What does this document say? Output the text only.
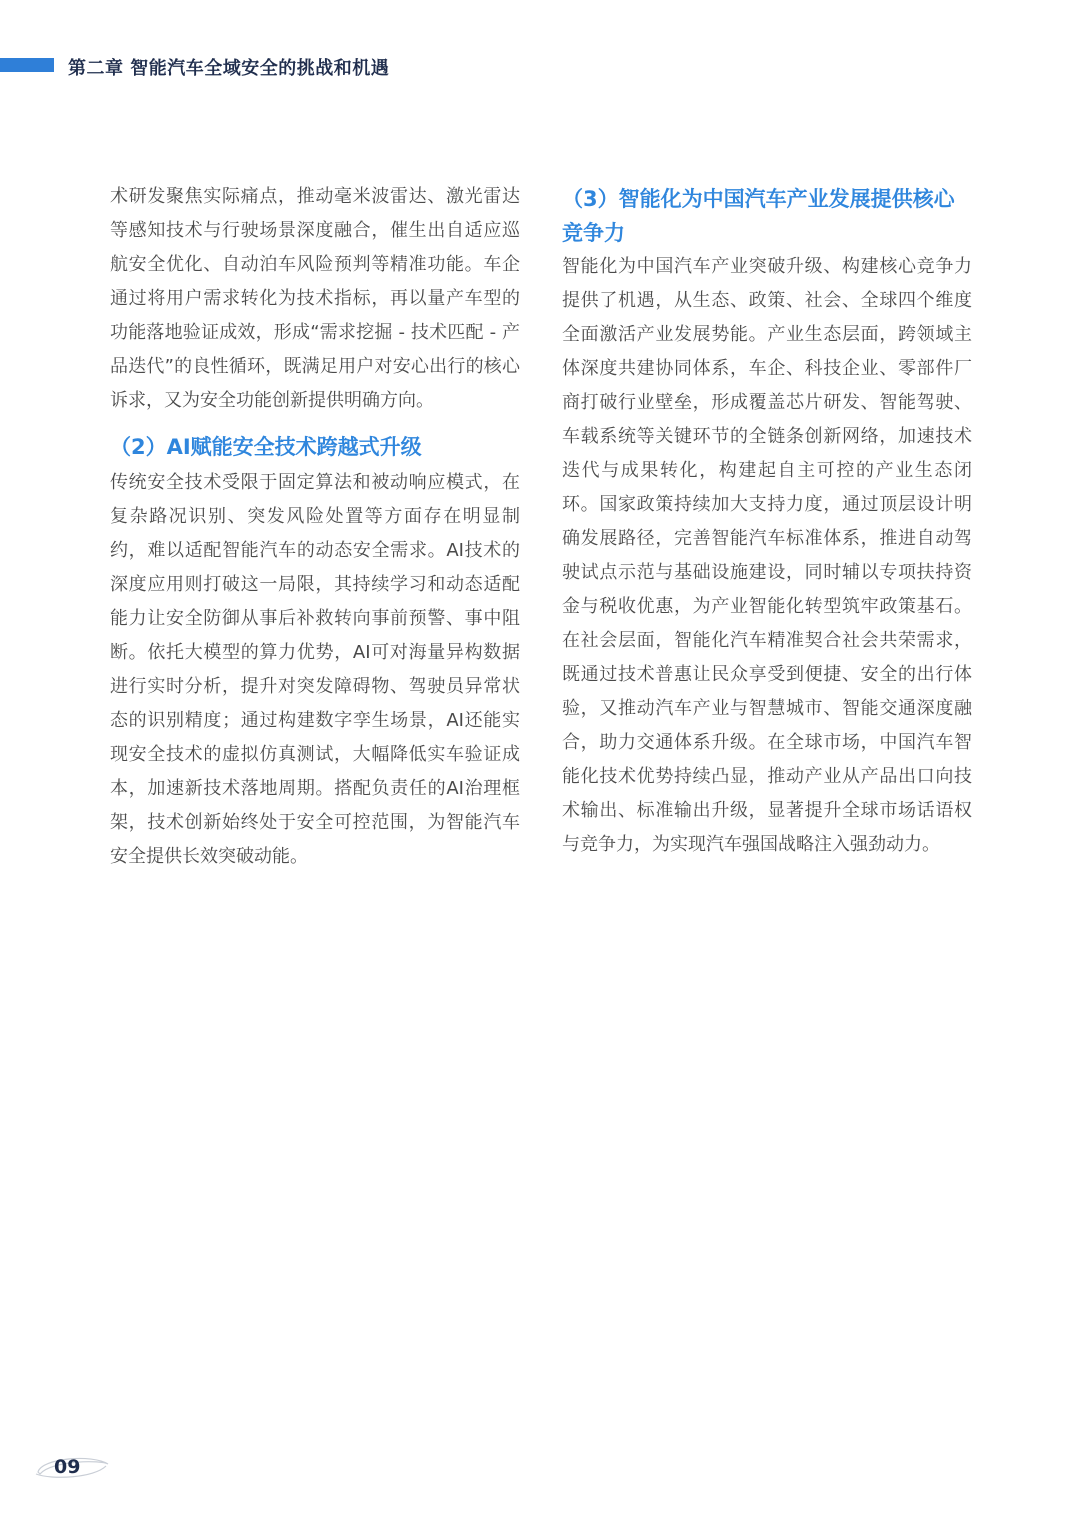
第二章 智能汽车全域安全的挑战和机遇

术研发聚焦实际痛点，推动毫米波雷达、激光雷达等感知技术与行驶场景深度融合，催生出自适应巡航安全优化、自动泊车风险预判等精准功能。车企通过将用户需求转化为技术指标，再以量产车型的功能落地验证成效，形成“需求挖掘 - 技术匹配 - 产品迭代”的良性循环，既满足用户对安心出行的核心诉求，又为安全功能创新提供明确方向。

（2）AI赋能安全技术跨越式升级

传统安全技术受限于固定算法和被动响应模式，在复杂路况识别、突发风险处置等方面存在明显制约，难以适配智能汽车的动态安全需求。AI技术的深度应用则打破这一局限，其持续学习和动态适配能力让安全防御从事后补救转向事前预警、事中阻断。依托大模型的算力优势，AI可对海量异构数据进行实时分析，提升对突发障碍物、驾驶员异常状态的识别精度；通过构建数字孪生场景，AI还能实现安全技术的虚拟仿真测试，大幅降低实车验证成本，加速新技术落地周期。搭配负责任的AI治理框架，技术创新始终处于安全可控范围，为智能汽车安全提供长效突破动能。

（3）智能化为中国汽车产业发展提供核心竞争力

智能化为中国汽车产业突破升级、构建核心竞争力提供了机遇，从生态、政策、社会、全球四个维度全面激活产业发展势能。产业生态层面，跨领域主体深度共建协同体系，车企、科技企业、零部件厂商打破行业壁垒，形成覆盖芯片研发、智能驾驶、车载系统等关键环节的全链条创新网络，加速技术迭代与成果转化，构建起自主可控的产业生态闭环。国家政策持续加大支持力度，通过顶层设计明确发展路径，完善智能汽车标准体系，推进自动驾驶试点示范与基础设施建设，同时辅以专项扶持资金与税收优惠，为产业智能化转型筑牢政策基石。在社会层面，智能化汽车精准契合社会共荣需求，既通过技术普惠让民众享受到便捷、安全的出行体验，又推动汽车产业与智慧城市、智能交通深度融合，助力交通体系升级。在全球市场，中国汽车智能化技术优势持续凸显，推动产业从产品出口向技术输出、标准输出升级，显著提升全球市场话语权与竞争力，为实现汽车强国战略注入强劲动力。

09
